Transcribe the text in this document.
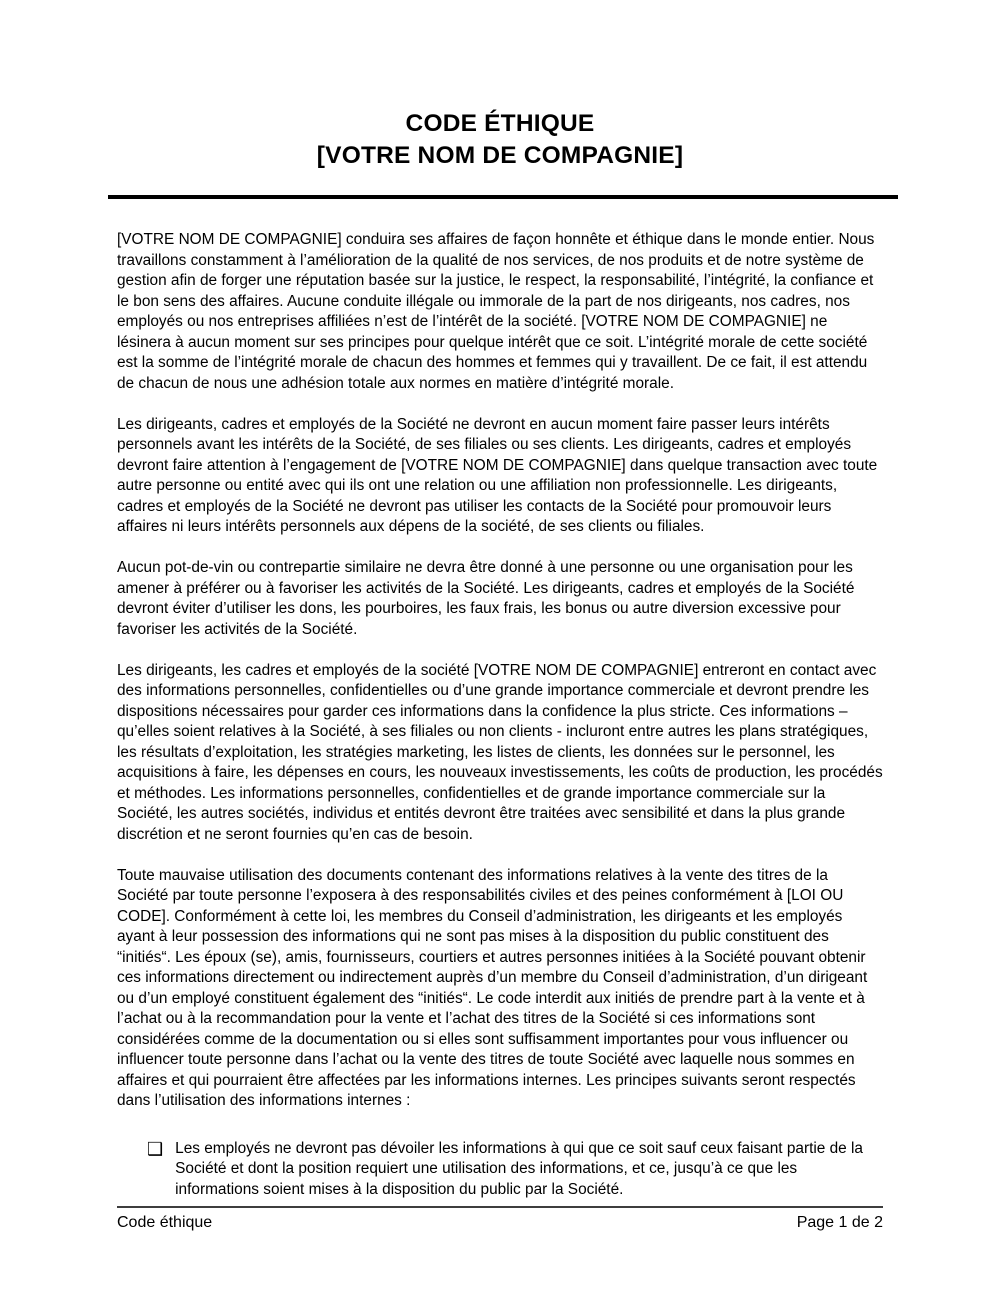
CODE ÉTHIQUE
[VOTRE NOM DE COMPAGNIE]

[VOTRE NOM DE COMPAGNIE] conduira ses affaires de façon honnête et éthique dans le monde entier. Nous travaillons constamment à l’amélioration de la qualité de nos services, de nos produits et de notre système de gestion afin de forger une réputation basée sur la justice, le respect, la responsabilité, l’intégrité, la confiance et le bon sens des affaires. Aucune conduite illégale ou immorale de la part de nos dirigeants, nos cadres, nos employés ou nos entreprises affiliées n’est de l’intérêt de la société. [VOTRE NOM DE COMPAGNIE] ne lésinera à aucun moment sur ses principes pour quelque intérêt que ce soit. L’intégrité morale de cette société est la somme de l’intégrité morale de chacun des hommes et femmes qui y travaillent. De ce fait, il est attendu de chacun de nous une adhésion totale aux normes en matière d’intégrité morale.

Les dirigeants, cadres et employés de la Société ne devront en aucun moment faire passer leurs intérêts personnels avant les intérêts de la Société, de ses filiales ou ses clients. Les dirigeants, cadres et employés devront faire attention à l’engagement de [VOTRE NOM DE COMPAGNIE] dans quelque transaction avec toute autre personne ou entité avec qui ils ont une relation ou une affiliation non professionnelle. Les dirigeants, cadres et employés de la Société ne devront pas utiliser les contacts de la Société pour promouvoir leurs affaires ni leurs intérêts personnels aux dépens de la société, de ses clients ou filiales.

Aucun pot-de-vin ou contrepartie similaire ne devra être donné à une personne ou une organisation pour les amener à préférer ou à favoriser les activités de la Société. Les dirigeants, cadres et employés de la Société devront éviter d’utiliser les dons, les pourboires, les faux frais, les bonus ou autre diversion excessive pour favoriser les activités de la Société.

Les dirigeants, les cadres et employés de la société [VOTRE NOM DE COMPAGNIE] entreront en contact avec des informations personnelles, confidentielles ou d’une grande importance commerciale et devront prendre les dispositions nécessaires pour garder ces informations dans la confidence la plus stricte. Ces informations – qu’elles soient relatives à la Société, à ses filiales ou non clients - incluront entre autres les plans stratégiques, les résultats d’exploitation, les stratégies marketing, les listes de clients, les données sur le personnel, les acquisitions à faire, les dépenses en cours, les nouveaux investissements, les coûts de production, les procédés et méthodes. Les informations personnelles, confidentielles et de grande importance commerciale sur la Société, les autres sociétés, individus et entités devront être traitées avec sensibilité et dans la plus grande discrétion et ne seront fournies qu’en cas de besoin.

Toute mauvaise utilisation des documents contenant des informations relatives à la vente des titres de la Société par toute personne l’exposera à des responsabilités civiles et des peines conformément à [LOI OU CODE]. Conformément à cette loi, les membres du Conseil d’administration, les dirigeants et les employés ayant à leur possession des informations qui ne sont pas mises à la disposition du public constituent des “initiés“. Les époux (se), amis, fournisseurs, courtiers et autres personnes initiées à la Société pouvant obtenir ces informations directement ou indirectement auprès d’un membre du Conseil d’administration, d’un dirigeant ou d’un employé constituent également des “initiés“. Le code interdit aux initiés de prendre part à la vente et à l’achat ou à la recommandation pour la vente et l’achat des titres de la Société si ces informations sont considérées comme de la documentation ou si elles sont suffisamment importantes pour vous influencer ou influencer toute personne dans l’achat ou la vente des titres de toute Société avec laquelle nous sommes en affaires et qui pourraient être affectées par les informations internes. Les principes suivants seront respectés dans l’utilisation des informations internes :

❑ Les employés ne devront pas dévoiler les informations à qui que ce soit sauf ceux faisant partie de la Société et dont la position requiert une utilisation des informations, et ce, jusqu’à ce que les informations soient mises à la disposition du public par la Société.
Code éthique	Page 1 de 2
